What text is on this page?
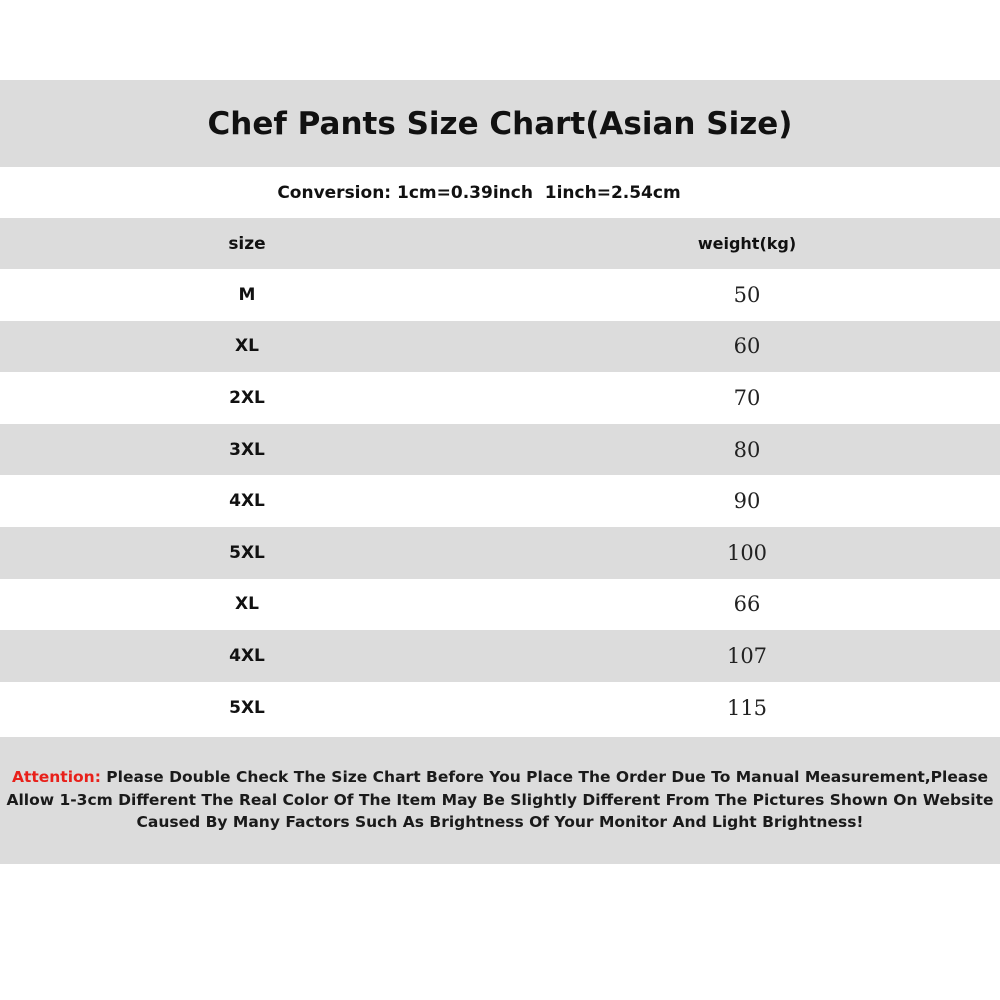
Chef Pants Size Chart(Asian Size)
Conversion: 1cm=0.39inch  1inch=2.54cm
size	weight(kg)
M	50
XL	60
2XL	70
3XL	80
4XL	90
5XL	100
XL	66
4XL	107
5XL	115
Attention: Please Double Check The Size Chart Before You Place The Order Due To Manual Measurement,Please Allow 1-3cm Different The Real Color Of The Item May Be Slightly Different From The Pictures Shown On Website Caused By Many Factors Such As Brightness Of Your Monitor And Light Brightness!
